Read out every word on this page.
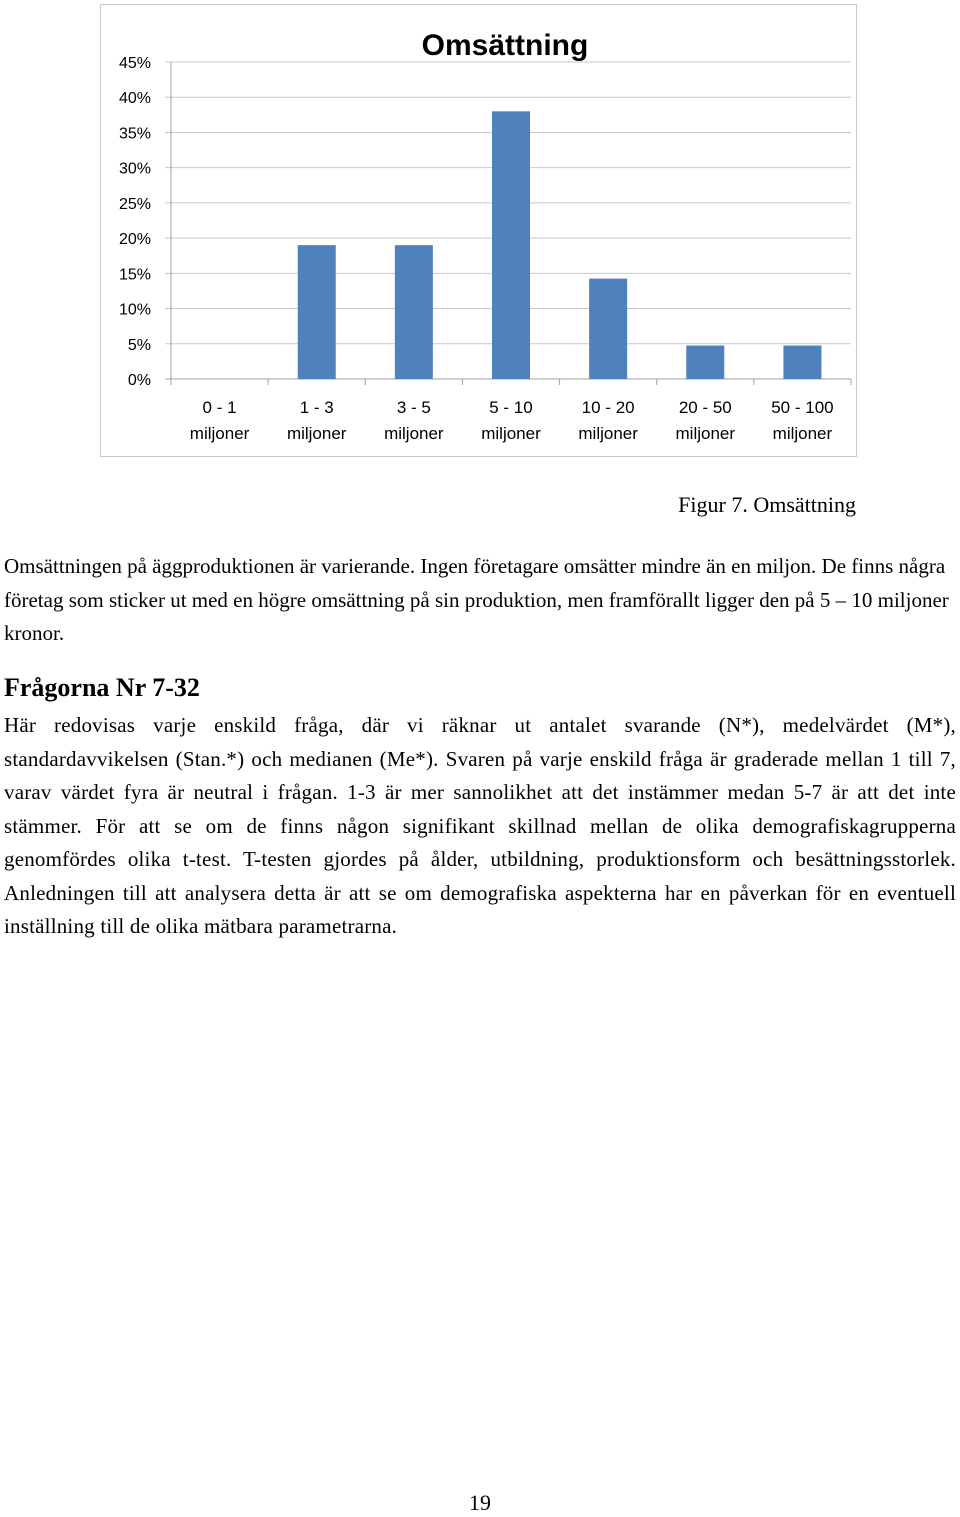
Omsättning
0%
5%
10%
15%
20%
25%
30%
35%
40%
45%
0 - 1
miljoner
1 - 3
miljoner
3 - 5
miljoner
5 - 10
miljoner
10 - 20
miljoner
20 - 50
miljoner
50 - 100
miljoner
Figur 7. Omsättning
Omsättningen på äggproduktionen är varierande. Ingen företagare omsätter mindre än en miljon. De finns några företag som sticker ut med en högre omsättning på sin produktion, men framförallt ligger den på 5 – 10 miljoner kronor.
Frågorna Nr 7-32
Här redovisas varje enskild fråga, där vi räknar ut antalet svarande (N*), medelvärdet (M*), standardavvikelsen (Stan.*) och medianen (Me*). Svaren på varje enskild fråga är graderade mellan 1 till 7, varav värdet fyra är neutral i frågan. 1-3 är mer sannolikhet att det instämmer medan 5-7 är att det inte stämmer. För att se om de finns någon signifikant skillnad mellan de olika demografiskagrupperna genomfördes olika t-test. T-testen gjordes på ålder, utbildning, produktionsform och besättningsstorlek. Anledningen till att analysera detta är att se om demografiska aspekterna har en påverkan för en eventuell inställning till de olika mätbara parametrarna.
19
